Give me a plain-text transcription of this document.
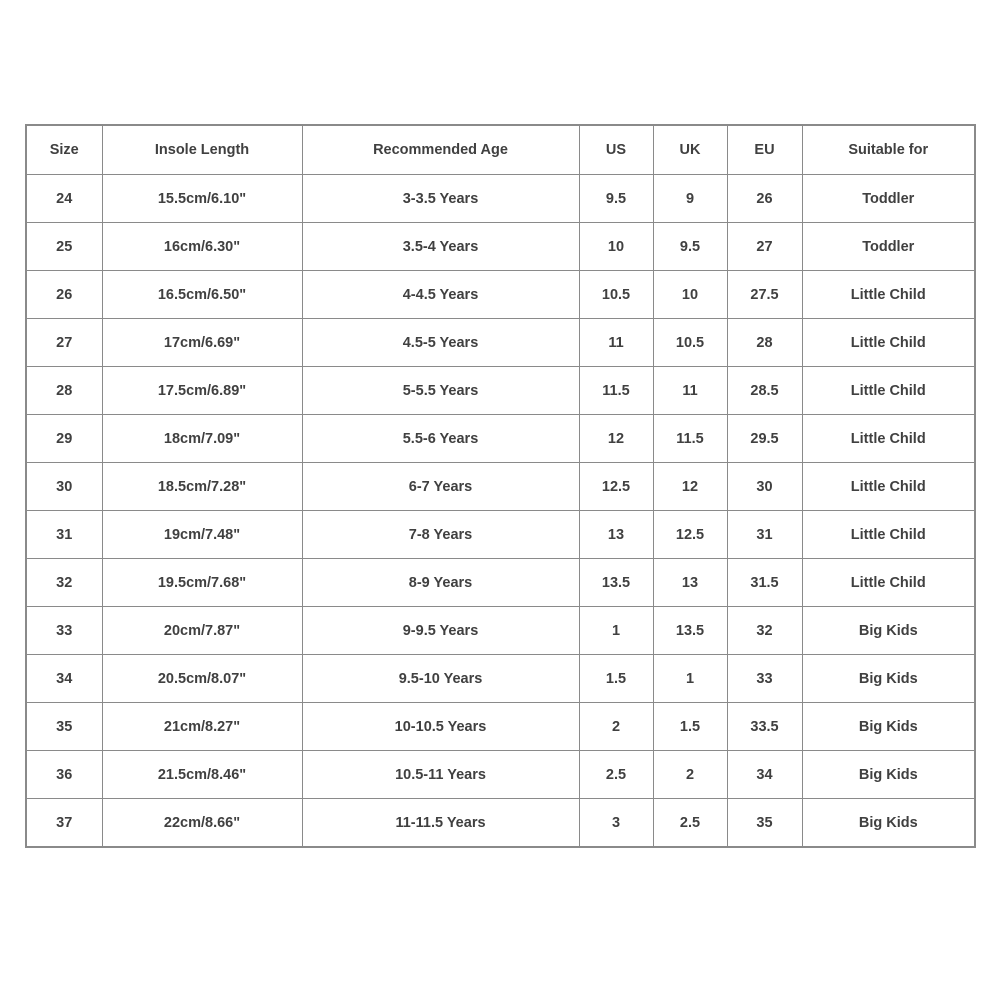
Size	Insole Length	Recommended Age	US	UK	EU	Suitable for
24	15.5cm/6.10"	3-3.5 Years	9.5	9	26	Toddler
25	16cm/6.30"	3.5-4 Years	10	9.5	27	Toddler
26	16.5cm/6.50"	4-4.5 Years	10.5	10	27.5	Little Child
27	17cm/6.69"	4.5-5 Years	11	10.5	28	Little Child
28	17.5cm/6.89"	5-5.5 Years	11.5	11	28.5	Little Child
29	18cm/7.09"	5.5-6 Years	12	11.5	29.5	Little Child
30	18.5cm/7.28"	6-7 Years	12.5	12	30	Little Child
31	19cm/7.48"	7-8 Years	13	12.5	31	Little Child
32	19.5cm/7.68"	8-9 Years	13.5	13	31.5	Little Child
33	20cm/7.87"	9-9.5 Years	1	13.5	32	Big Kids
34	20.5cm/8.07"	9.5-10 Years	1.5	1	33	Big Kids
35	21cm/8.27"	10-10.5 Years	2	1.5	33.5	Big Kids
36	21.5cm/8.46"	10.5-11 Years	2.5	2	34	Big Kids
37	22cm/8.66"	11-11.5 Years	3	2.5	35	Big Kids
